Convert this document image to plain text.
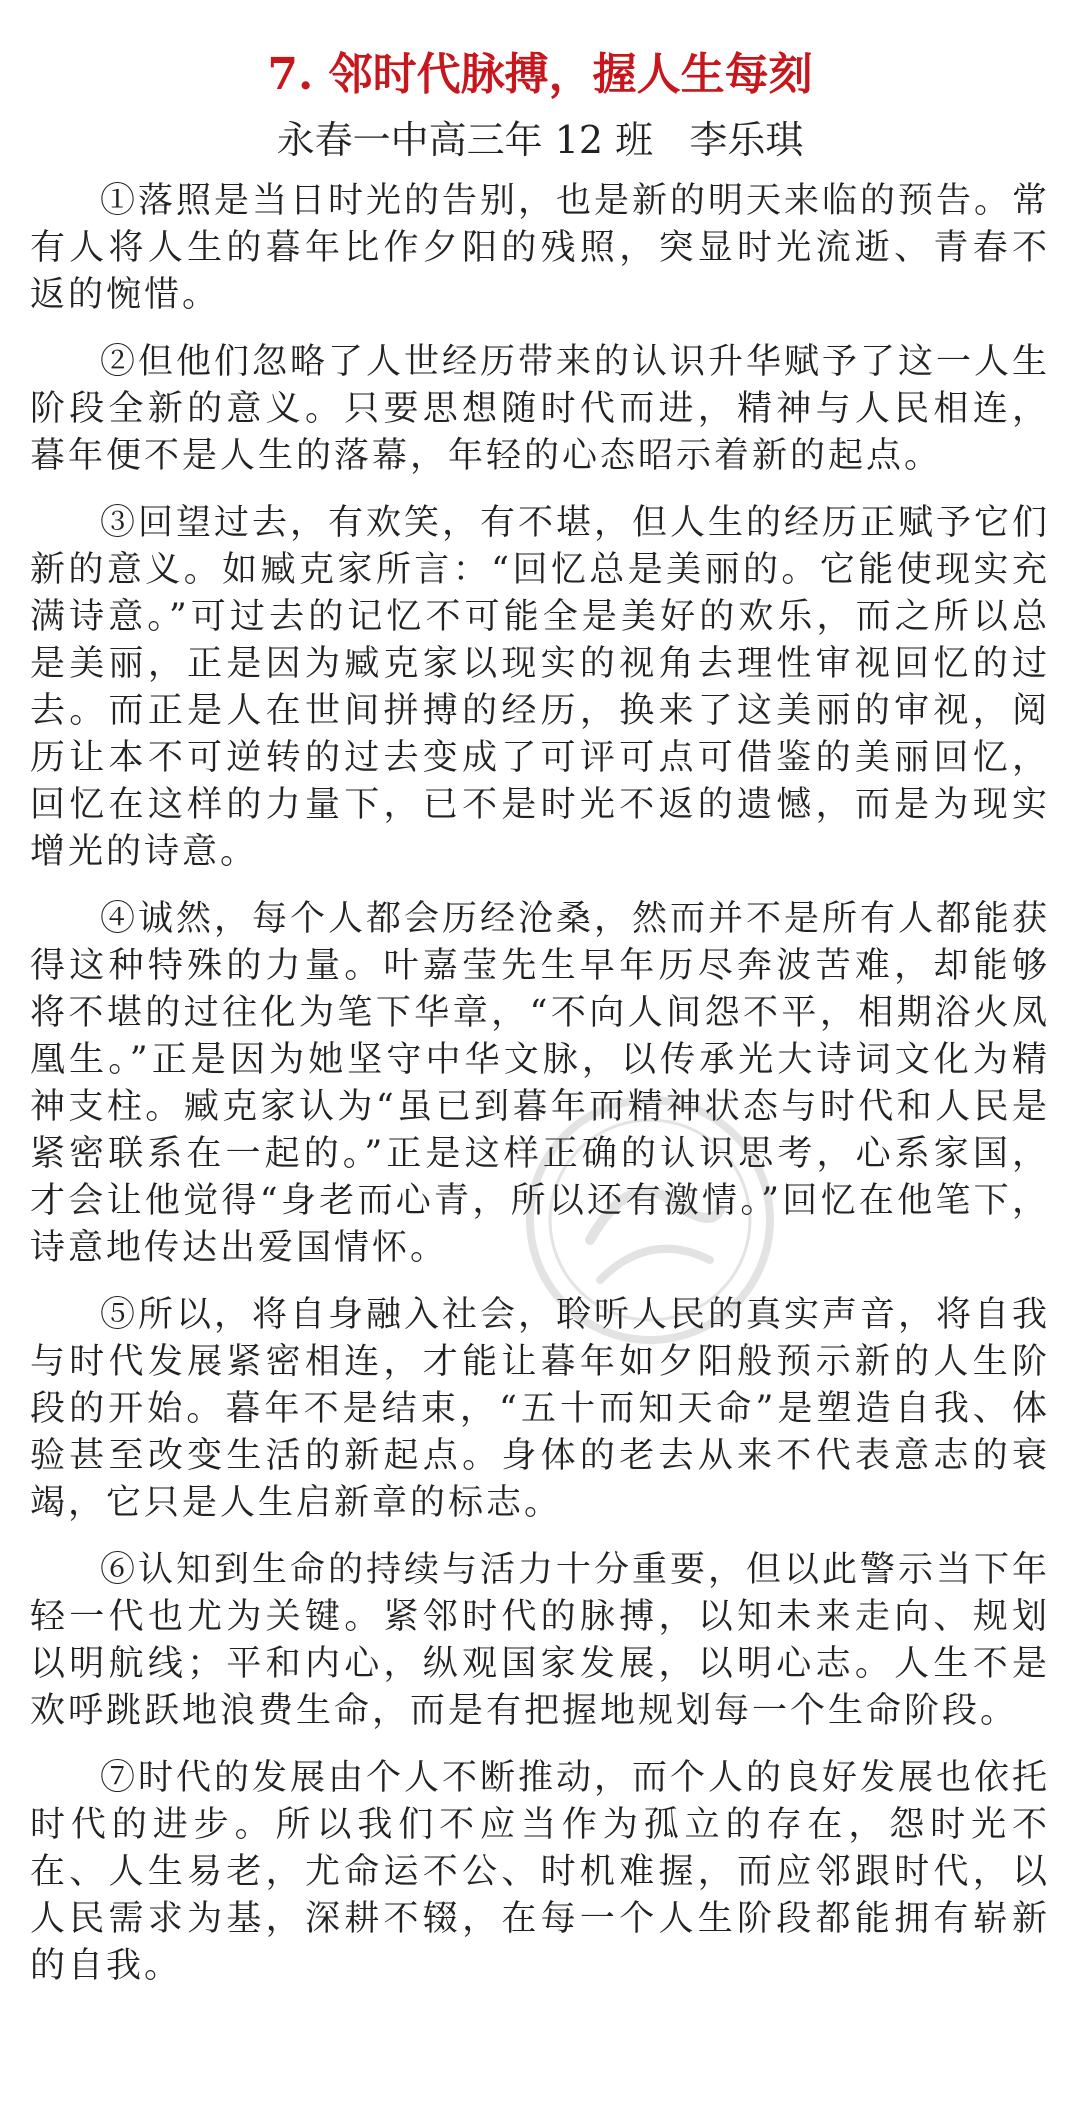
7. 邻时代脉搏，握人生每刻
永春一中高三年 12 班   李乐琪

①落照是当日时光的告别，也是新的明天来临的预告。常有人将人生的暮年比作夕阳的残照，突显时光流逝、青春不返的惋惜。

②但他们忽略了人世经历带来的认识升华赋予了这一人生阶段全新的意义。只要思想随时代而进，精神与人民相连，暮年便不是人生的落幕，年轻的心态昭示着新的起点。

③回望过去，有欢笑，有不堪，但人生的经历正赋予它们新的意义。如臧克家所言：“回忆总是美丽的。它能使现实充满诗意。”可过去的记忆不可能全是美好的欢乐，而之所以总是美丽，正是因为臧克家以现实的视角去理性审视回忆的过去。而正是人在世间拼搏的经历，换来了这美丽的审视，阅历让本不可逆转的过去变成了可评可点可借鉴的美丽回忆，回忆在这样的力量下，已不是时光不返的遗憾，而是为现实增光的诗意。

④诚然，每个人都会历经沧桑，然而并不是所有人都能获得这种特殊的力量。叶嘉莹先生早年历尽奔波苦难，却能够将不堪的过往化为笔下华章，“不向人间怨不平，相期浴火凤凰生。”正是因为她坚守中华文脉，以传承光大诗词文化为精神支柱。臧克家认为“虽已到暮年而精神状态与时代和人民是紧密联系在一起的。”正是这样正确的认识思考，心系家国，才会让他觉得“身老而心青，所以还有激情。”回忆在他笔下，诗意地传达出爱国情怀。

⑤所以，将自身融入社会，聆听人民的真实声音，将自我与时代发展紧密相连，才能让暮年如夕阳般预示新的人生阶段的开始。暮年不是结束，“五十而知天命”是塑造自我、体验甚至改变生活的新起点。身体的老去从来不代表意志的衰竭，它只是人生启新章的标志。

⑥认知到生命的持续与活力十分重要，但以此警示当下年轻一代也尤为关键。紧邻时代的脉搏，以知未来走向、规划以明航线；平和内心，纵观国家发展，以明心志。人生不是欢呼跳跃地浪费生命，而是有把握地规划每一个生命阶段。

⑦时代的发展由个人不断推动，而个人的良好发展也依托时代的进步。所以我们不应当作为孤立的存在，怨时光不在、人生易老，尤命运不公、时机难握，而应邻跟时代，以人民需求为基，深耕不辍，在每一个人生阶段都能拥有崭新的自我。
